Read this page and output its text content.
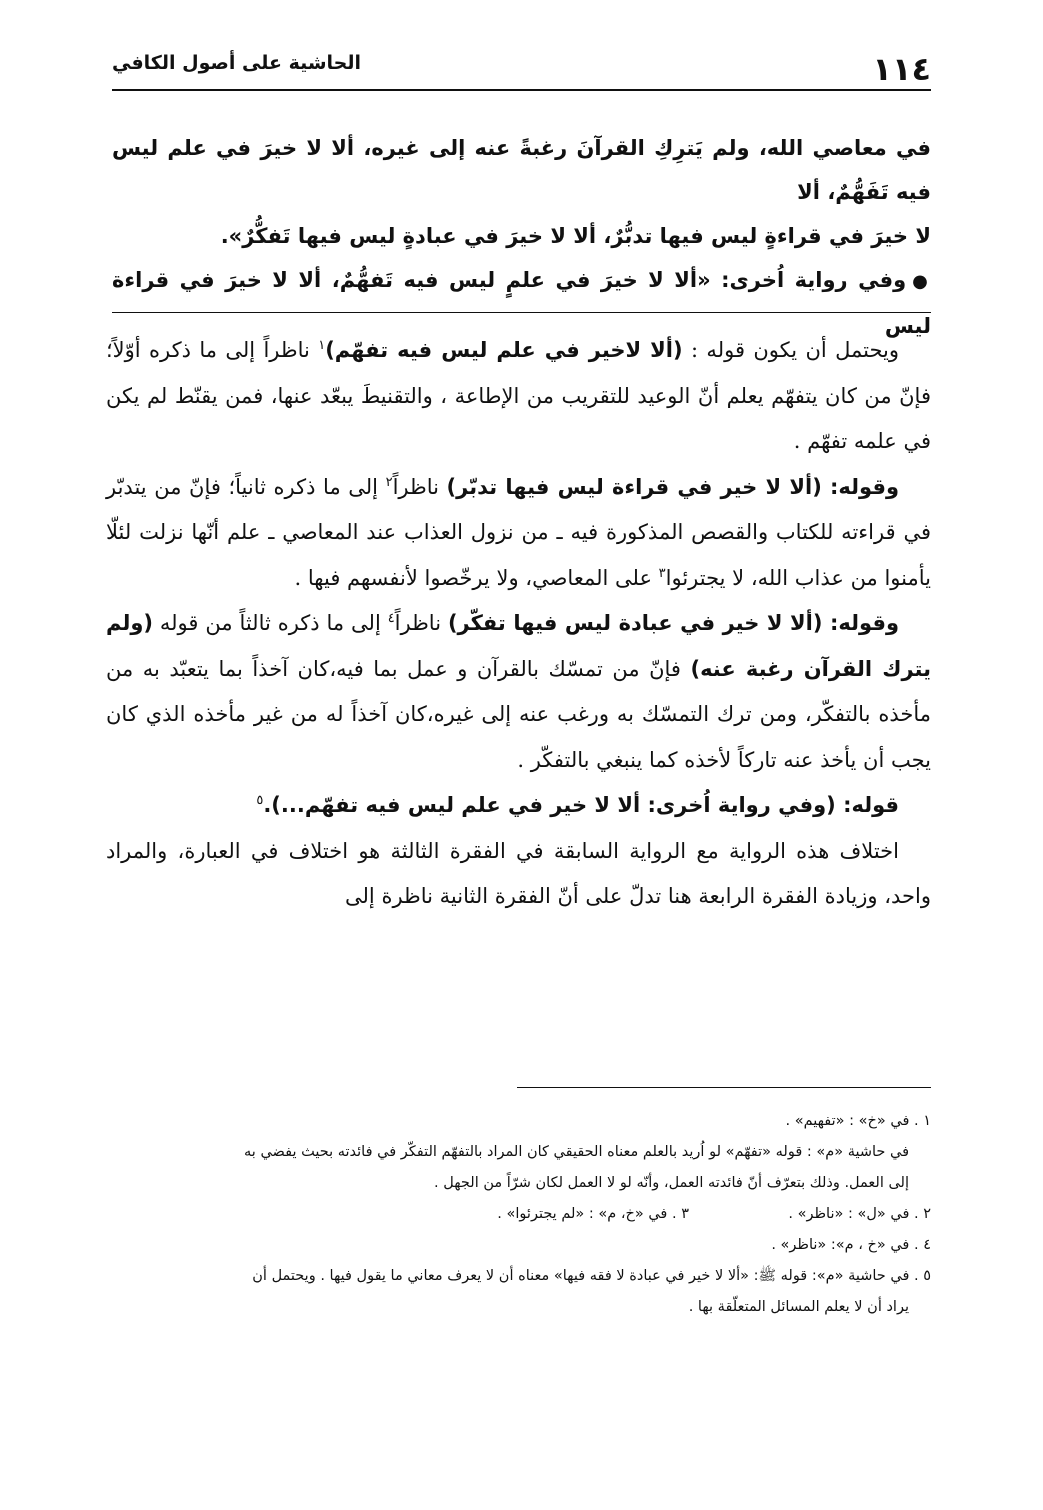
١١٤
الحاشية على أصول الكافي

في معاصي الله، ولم يَترِكِ القرآنَ رغبةً عنه إلى غيره، ألا لا خيرَ في علم ليس فيه تَفَهُّمٌ، ألا

لا خيرَ في قراءةٍ ليس فيها تدبُّرٌ، ألا لا خيرَ في عبادةٍ ليس فيها تَفكُّرٌ».

●وفي رواية اُخرى: «ألا لا خيرَ في علمٍ ليس فيه تَفهُّمٌ، ألا لا خيرَ في قراءة ليس

ويحتمل أن يكون قوله : (ألا لاخير في علم ليس فيه تفهّم)$^١$ ناظراً إلى ما ذكره أوّلاً؛ فإنّ من كان يتفهّم يعلم أنّ الوعيد للتقريب من الإطاعة ، والتقنيطَ يبعّد عنها، فمن يقنّط لم يكن في علمه تفهّم .

وقوله: (ألا لا خير في قراءة ليس فيها تدبّر) ناظراً$^٢$ إلى ما ذكره ثانياً؛ فإنّ من يتدبّر في قراءته للكتاب والقصص المذكورة فيه ـ من نزول العذاب عند المعاصي ـ علم أنّها نزلت لئلّا يأمنوا من عذاب الله، لا يجترئوا$^٣$ على المعاصي، ولا يرخّصوا لأنفسهم فيها .

وقوله: (ألا لا خير في عبادة ليس فيها تفكّر) ناظراً$^٤$ إلى ما ذكره ثالثاً من قوله (ولم يترك القرآن رغبة عنه) فإنّ من تمسّك بالقرآن و عمل بما فيه،كان آخذاً بما يتعبّد به من مأخذه بالتفكّر، ومن ترك التمسّك به ورغب عنه إلى غيره،كان آخذاً له من غير مأخذه الذي كان يجب أن يأخذ عنه تاركاً لأخذه كما ينبغي بالتفكّر .

قوله: (وفي رواية اُخرى: ألا لا خير في علم ليس فيه تفهّم...).$^٥$

اختلاف هذه الرواية مع الرواية السابقة في الفقرة الثالثة هو اختلاف في العبارة، والمراد واحد، وزيادة الفقرة الرابعة هنا تدلّ على أنّ الفقرة الثانية ناظرة إلى

١ . في «خ» : «تفهيم» .

في حاشية «م» : قوله «تفهّم» لو اُريد بالعلم معناه الحقيقي كان المراد بالتفهّم التفكّر في فائدته بحيث يفضي به

إلى العمل. وذلك بتعرّف أنّ فائدته العمل، وأنّه لو لا العمل لكان شرّاً من الجهل .

٢ . في «ل» : «ناظر» .
٣ . في «خ، م» : «لم يجترئوا» .

٤ . في «خ ، م»: «ناظر» .

٥ . في حاشية «م»: قوله ﷺ: «ألا لا خير في عبادة لا فقه فيها» معناه أن لا يعرف معاني ما يقول فيها . ويحتمل أن

يراد أن لا يعلم المسائل المتعلّقة بها .
